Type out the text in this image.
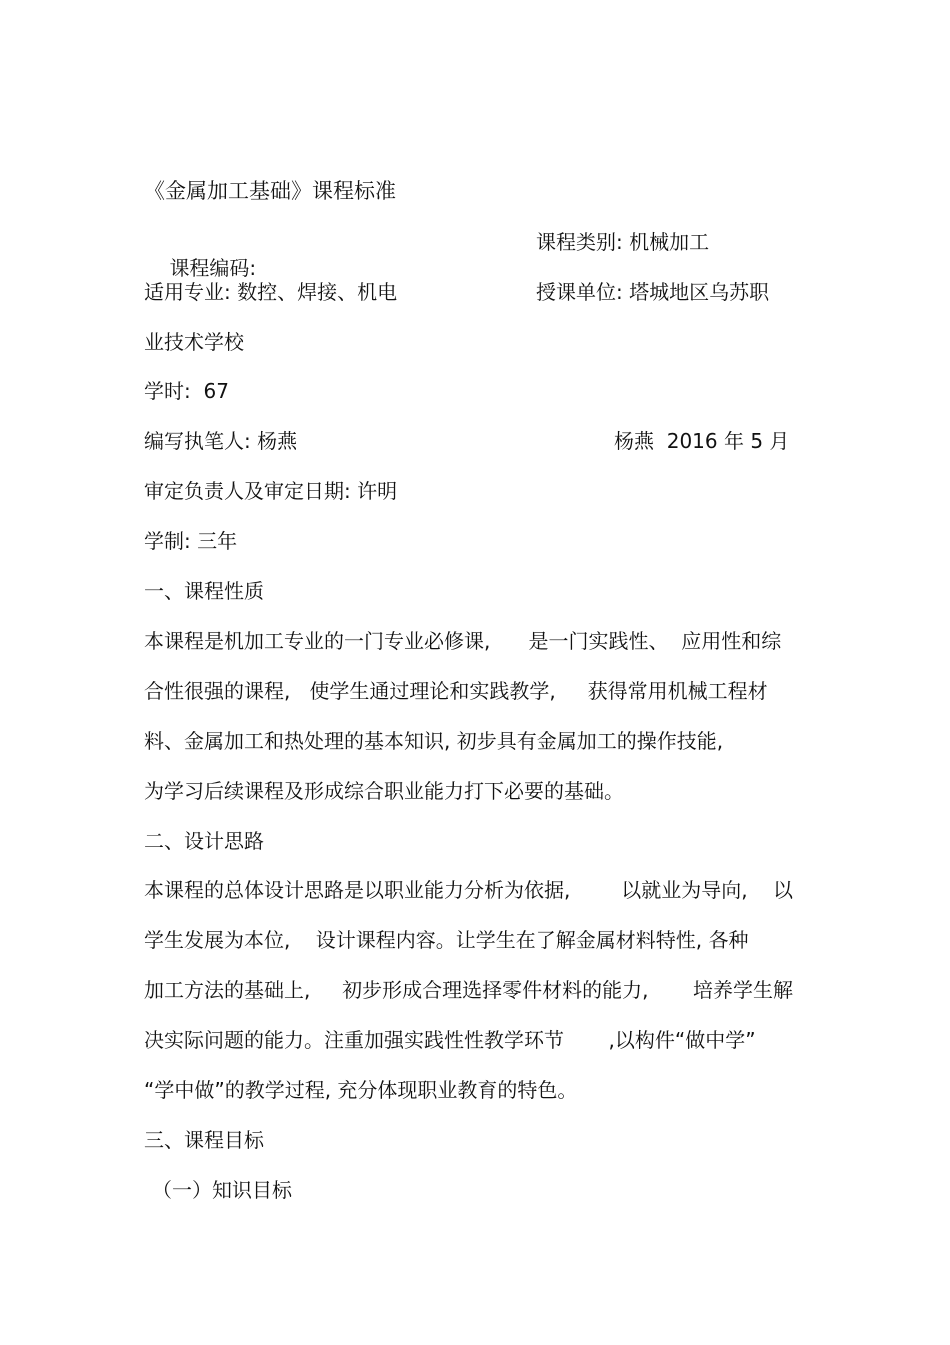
《金属加工基础》课程标准

课程编码:

课程类别: 机械加工

适用专业: 数控、焊接、机电	授课单位: 塔城地区乌苏职

业技术学校

学时: 67

编写执笔人: 杨燕	杨燕 2016 年 5 月

审定负责人及审定日期: 许明

学制: 三年

一、课程性质

本课程是机加工专业的一门专业必修课,      是一门实践性、  应用性和综

合性很强的课程,   使学生通过理论和实践教学,     获得常用机械工程材

料、金属加工和热处理的基本知识, 初步具有金属加工的操作技能,

为学习后续课程及形成综合职业能力打下必要的基础。

二、设计思路

本课程的总体设计思路是以职业能力分析为依据,        以就业为导向,    以

学生发展为本位,    设计课程内容。让学生在了解金属材料特性, 各种

加工方法的基础上,     初步形成合理选择零件材料的能力,       培养学生解

决实际问题的能力。注重加强实践性性教学环节       ,以构件“做中学”

“学中做”的教学过程, 充分体现职业教育的特色。

三、课程目标

（一）知识目标
